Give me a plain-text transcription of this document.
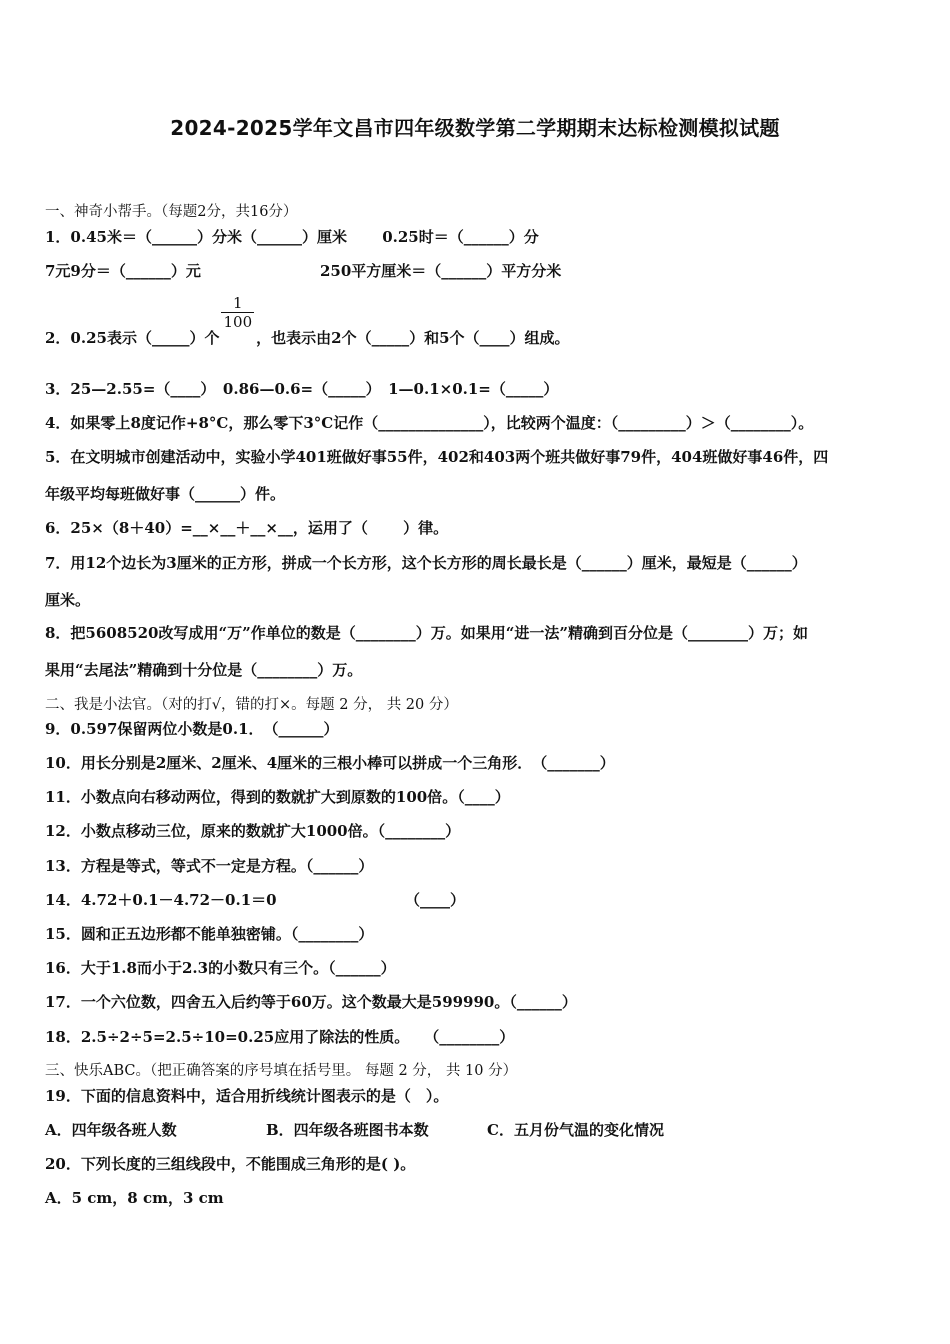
2024-2025学年文昌市四年级数学第二学期期末达标检测模拟试题
一、神奇小帮手。（每题2分，共16分）
1．0.45米＝（______）分米（______）厘米　　 0.25时＝（______）分
7元9分＝（______）元	250平方厘米＝（______）平方分米
2．0.25表示（_____）个
$\frac{1}{100}$
，也表示由2个（_____）和5个（____）组成。
3．25—2.55=（____）　0.86—0.6=（_____）　1—0.1×0.1=（_____）
4．如果零上8度记作+8°C，那么零下3°C记作（______________），比较两个温度：（_________）＞（________）。
5．在文明城市创建活动中，实验小学401班做好事55件，402和403两个班共做好事79件，404班做好事46件，四
年级平均每班做好事（______）件。
6．25×（8＋40）=__×__＋__×__，运用了（　　 ）律。
7．用12个边长为3厘米的正方形，拼成一个长方形，这个长方形的周长最长是（______）厘米，最短是（______）
厘米。
8．把5608520改写成用“万”作单位的数是（________）万。如果用“进一法”精确到百分位是（________）万；如
果用“去尾法”精确到十分位是（________）万。
二、我是小法官。（对的打√，错的打×。每题 2 分， 共 20 分）
9．0.597保留两位小数是0.1．　（______）
10．用长分别是2厘米、2厘米、4厘米的三根小棒可以拼成一个三角形．　（_______）
11．小数点向右移动两位，得到的数就扩大到原数的100倍。（____）
12．小数点移动三位，原来的数就扩大1000倍。（________）
13．方程是等式，等式不一定是方程。（______）
14．4.72＋0.1－4.72－0.1＝0	（____）
15．圆和正五边形都不能单独密铺。（________）
16．大于1.8而小于2.3的小数只有三个。（______）
17．一个六位数，四舍五入后约等于60万。这个数最大是599990。（______）
18．2.5÷2÷5=2.5÷10=0.25应用了除法的性质。　　（________）
三、快乐ABC。（把正确答案的序号填在括号里。 每题 2 分， 共 10 分）
19．下面的信息资料中，适合用折线统计图表示的是（　）。
A．四年级各班人数	B．四年级各班图书本数	C．五月份气温的变化情况
20．下列长度的三组线段中，不能围成三角形的是( )。
A．5 cm，8 cm，3 cm
